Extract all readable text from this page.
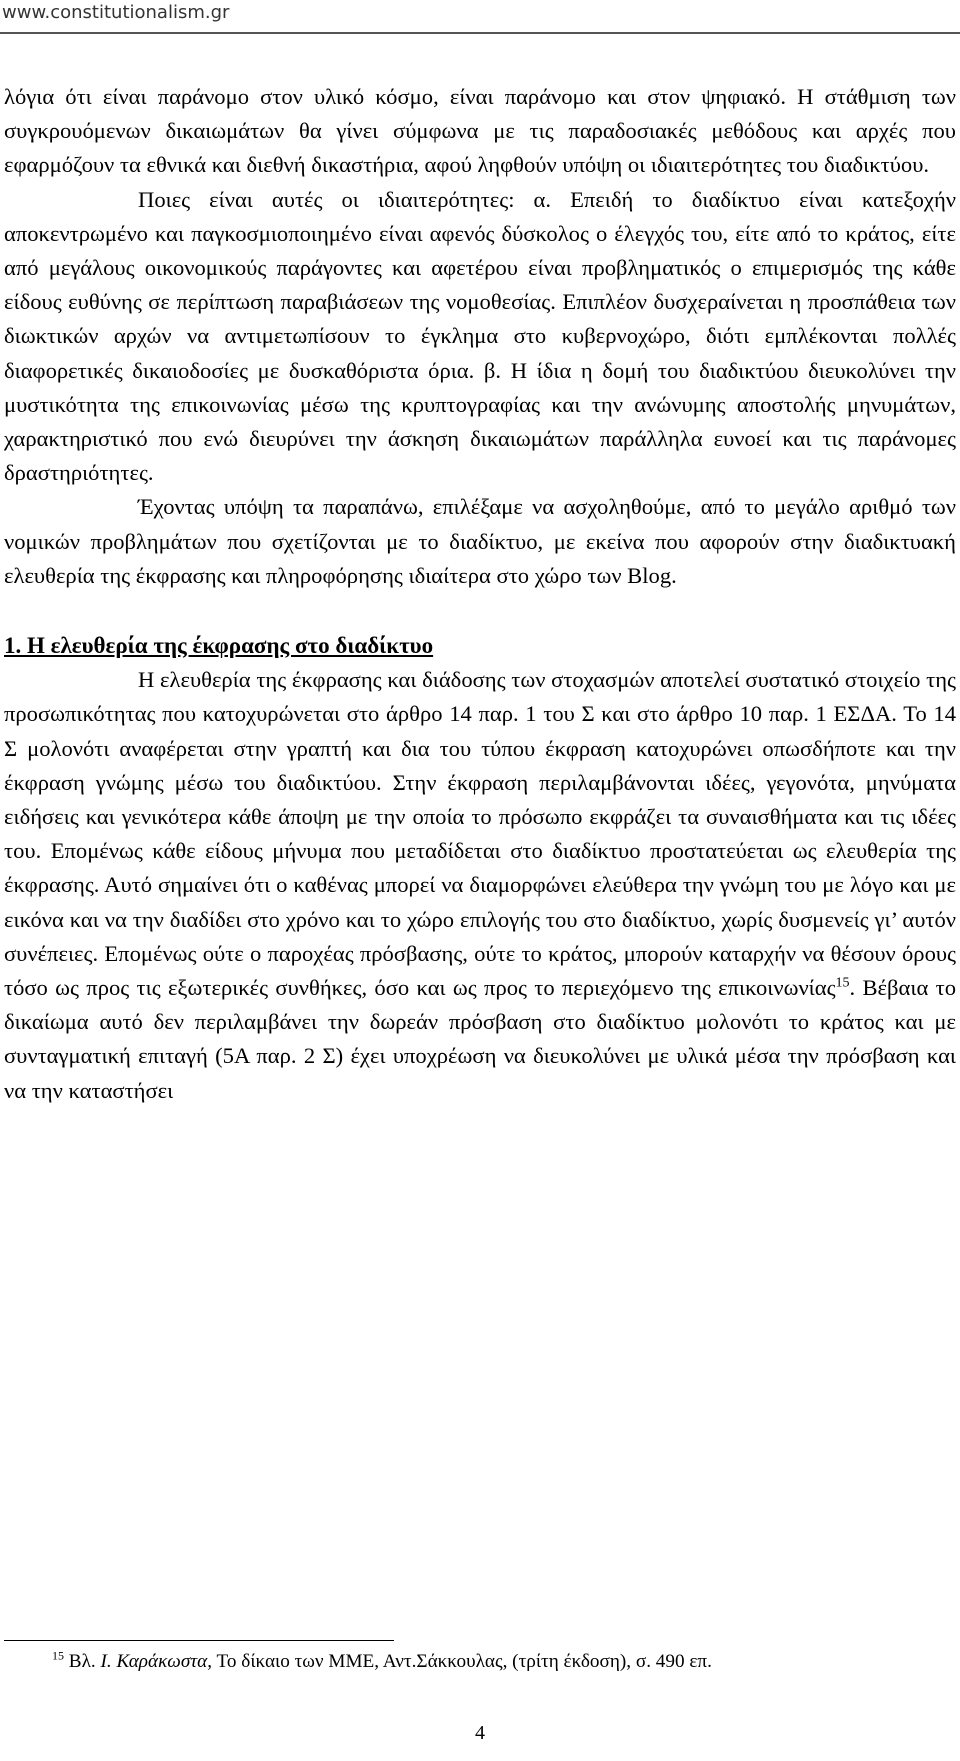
www.constitutionalism.gr

λόγια ότι είναι παράνομο στον υλικό κόσμο, είναι παράνομο και στον ψηφιακό. Η στάθμιση των συγκρουόμενων δικαιωμάτων θα γίνει σύμφωνα με τις παραδοσιακές μεθόδους και αρχές που εφαρμόζουν τα εθνικά και διεθνή δικαστήρια, αφού ληφθούν υπόψη οι ιδιαιτερότητες του διαδικτύου.

Ποιες είναι αυτές οι ιδιαιτερότητες: α. Επειδή το διαδίκτυο είναι κατεξοχήν αποκεντρωμένο και παγκοσμιοποιημένο είναι αφενός δύσκολος ο έλεγχός του, είτε από το κράτος, είτε από μεγάλους οικονομικούς παράγοντες και αφετέρου είναι προβληματικός ο επιμερισμός της κάθε είδους ευθύνης σε περίπτωση παραβιάσεων της νομοθεσίας. Επιπλέον δυσχεραίνεται η προσπάθεια των διωκτικών αρχών να αντιμετωπίσουν το έγκλημα στο κυβερνοχώρο, διότι εμπλέκονται πολλές διαφορετικές δικαιοδοσίες με δυσκαθόριστα όρια. β. Η ίδια η δομή του διαδικτύου διευκολύνει την μυστικότητα της επικοινωνίας μέσω της κρυπτογραφίας και την ανώνυμης αποστολής μηνυμάτων, χαρακτηριστικό που ενώ διευρύνει την άσκηση δικαιωμάτων παράλληλα ευνοεί και τις παράνομες δραστηριότητες.

Έχοντας υπόψη τα παραπάνω, επιλέξαμε να ασχοληθούμε, από το μεγάλο αριθμό των νομικών προβλημάτων που σχετίζονται με το διαδίκτυο, με εκείνα που αφορούν στην διαδικτυακή ελευθερία της έκφρασης και πληροφόρησης ιδιαίτερα στο χώρο των Blog.

1. Η ελευθερία της έκφρασης στο διαδίκτυο

Η ελευθερία της έκφρασης και διάδοσης των στοχασμών αποτελεί συστατικό στοιχείο της προσωπικότητας που κατοχυρώνεται στο άρθρο 14 παρ. 1 του Σ και στο άρθρο 10 παρ. 1 ΕΣΔΑ. Το 14 Σ μολονότι αναφέρεται στην γραπτή και δια του τύπου έκφραση κατοχυρώνει οπωσδήποτε και την έκφραση γνώμης μέσω του διαδικτύου. Στην έκφραση περιλαμβάνονται ιδέες, γεγονότα, μηνύματα ειδήσεις και γενικότερα κάθε άποψη με την οποία το πρόσωπο εκφράζει τα συναισθήματα και τις ιδέες του. Επομένως κάθε είδους μήνυμα που μεταδίδεται στο διαδίκτυο προστατεύεται ως ελευθερία της έκφρασης. Αυτό σημαίνει ότι ο καθένας μπορεί να διαμορφώνει ελεύθερα την γνώμη του με λόγο και με εικόνα και να την διαδίδει στο χρόνο και το χώρο επιλογής του στο διαδίκτυο, χωρίς δυσμενείς γι’ αυτόν συνέπειες. Επομένως ούτε ο παροχέας πρόσβασης, ούτε το κράτος, μπορούν καταρχήν να θέσουν όρους τόσο ως προς τις εξωτερικές συνθήκες, όσο και ως προς το περιεχόμενο της επικοινωνίας$^{15}$. Βέβαια το δικαίωμα αυτό δεν περιλαμβάνει την δωρεάν πρόσβαση στο διαδίκτυο μολονότι το κράτος και με συνταγματική επιταγή (5Α παρ. 2 Σ) έχει υποχρέωση να διευκολύνει με υλικά μέσα την πρόσβαση και να την καταστήσει

$^{15}$ Βλ. Ι. Καράκωστα, Το δίκαιο των ΜΜΕ, Αντ.Σάκκουλας, (τρίτη έκδοση), σ. 490 επ.
4
